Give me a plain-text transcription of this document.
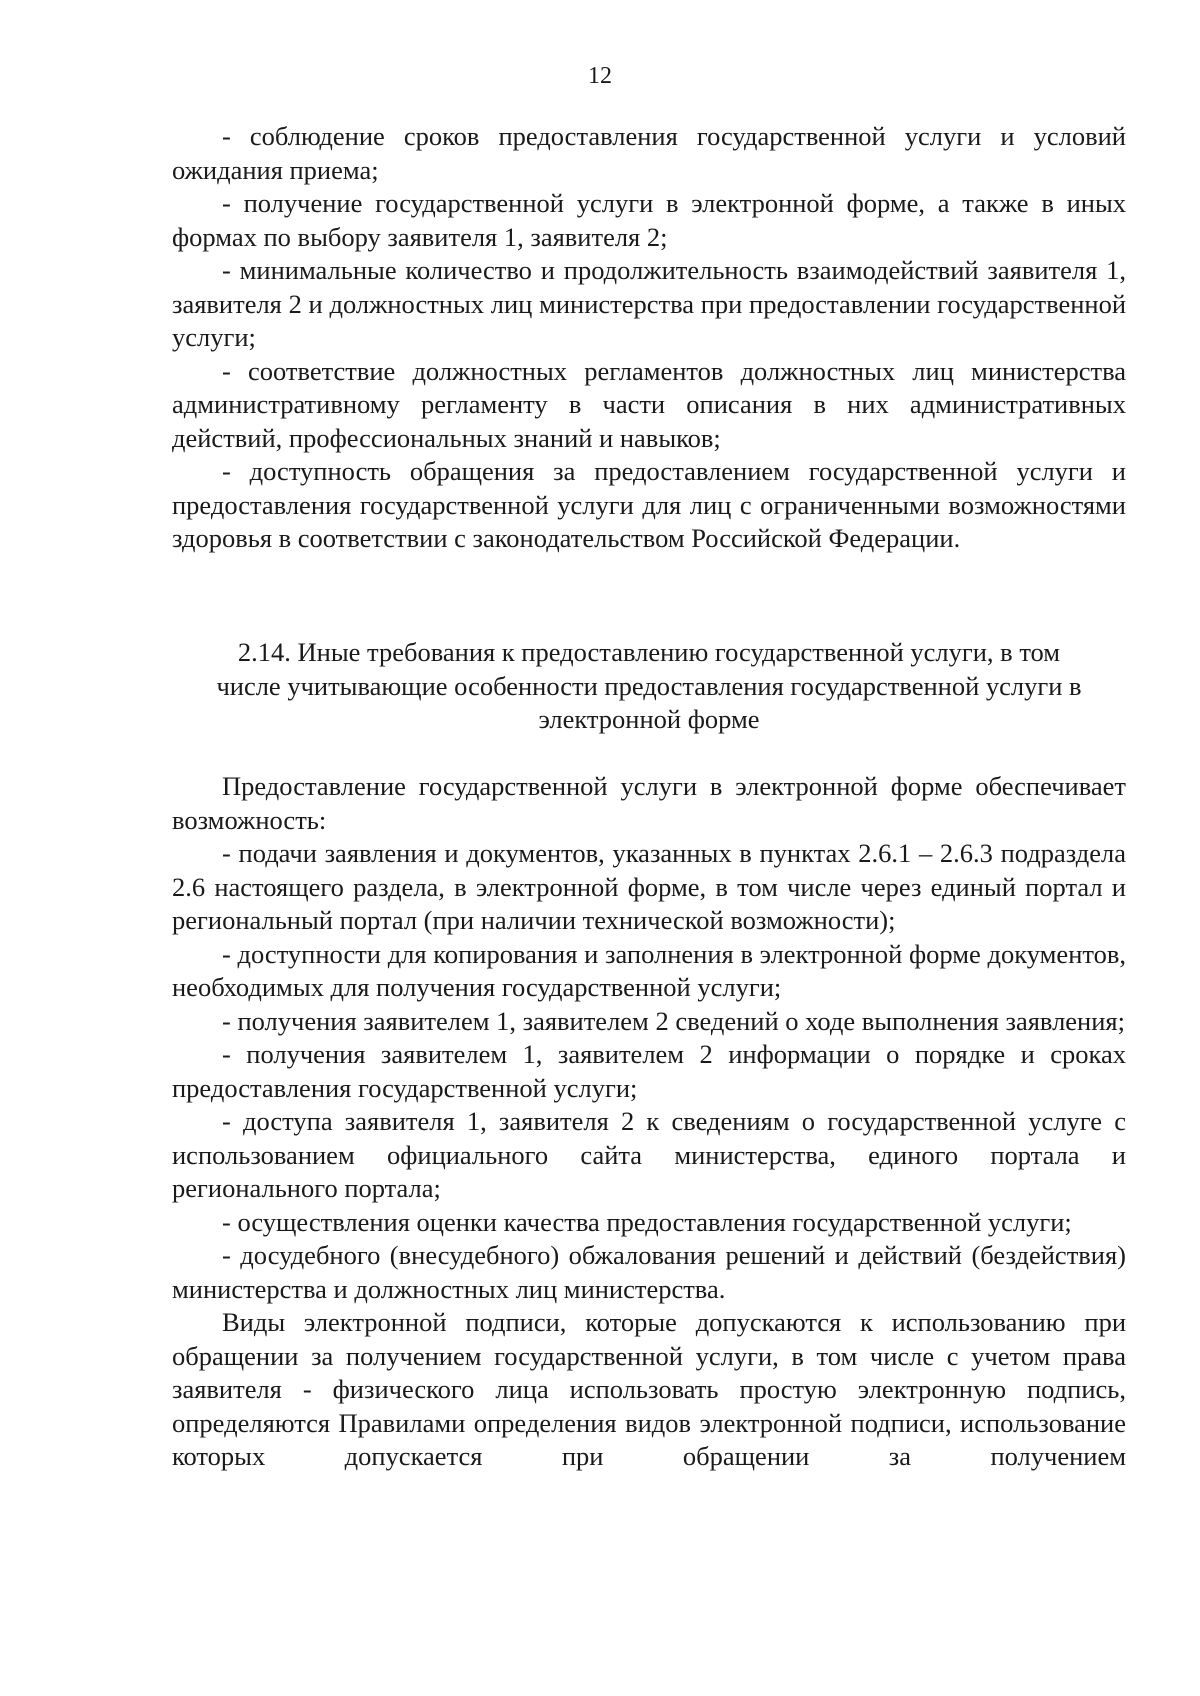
12

- соблюдение сроков предоставления государственной услуги и условий ожидания приема;

- получение государственной услуги в электронной форме, а также в иных формах по выбору заявителя 1, заявителя 2;

- минимальные количество и продолжительность взаимодействий заявителя 1, заявителя 2 и должностных лиц министерства при предоставлении государственной услуги;

- соответствие должностных регламентов должностных лиц министерства административному регламенту в части описания в них административных действий, профессиональных знаний и навыков;

- доступность обращения за предоставлением государственной услуги и предоставления государственной услуги для лиц с ограниченными возможностями здоровья в соответствии с законодательством Российской Федерации.

2.14. Иные требования к предоставлению государственной услуги, в том
числе учитывающие особенности предоставления государственной услуги в
электронной форме

Предоставление государственной услуги в электронной форме обеспечивает возможность:

- подачи заявления и документов, указанных в пунктах 2.6.1 – 2.6.3 подраздела 2.6 настоящего раздела, в электронной форме, в том числе через единый портал и региональный портал (при наличии технической возможности);

- доступности для копирования и заполнения в электронной форме документов, необходимых для получения государственной услуги;

- получения заявителем 1, заявителем 2 сведений о ходе выполнения заявления;

- получения заявителем 1, заявителем 2 информации о порядке и сроках предоставления государственной услуги;

- доступа заявителя 1, заявителя 2 к сведениям о государственной услуге с использованием официального сайта министерства, единого портала и регионального портала;

- осуществления оценки качества предоставления государственной услуги;

- досудебного (внесудебного) обжалования решений и действий (бездействия) министерства и должностных лиц министерства.

Виды электронной подписи, которые допускаются к использованию при обращении за получением государственной услуги, в том числе с учетом права заявителя - физического лица использовать простую электронную подпись, определяются Правилами определения видов электронной подписи, использование которых допускается при обращении за получением
